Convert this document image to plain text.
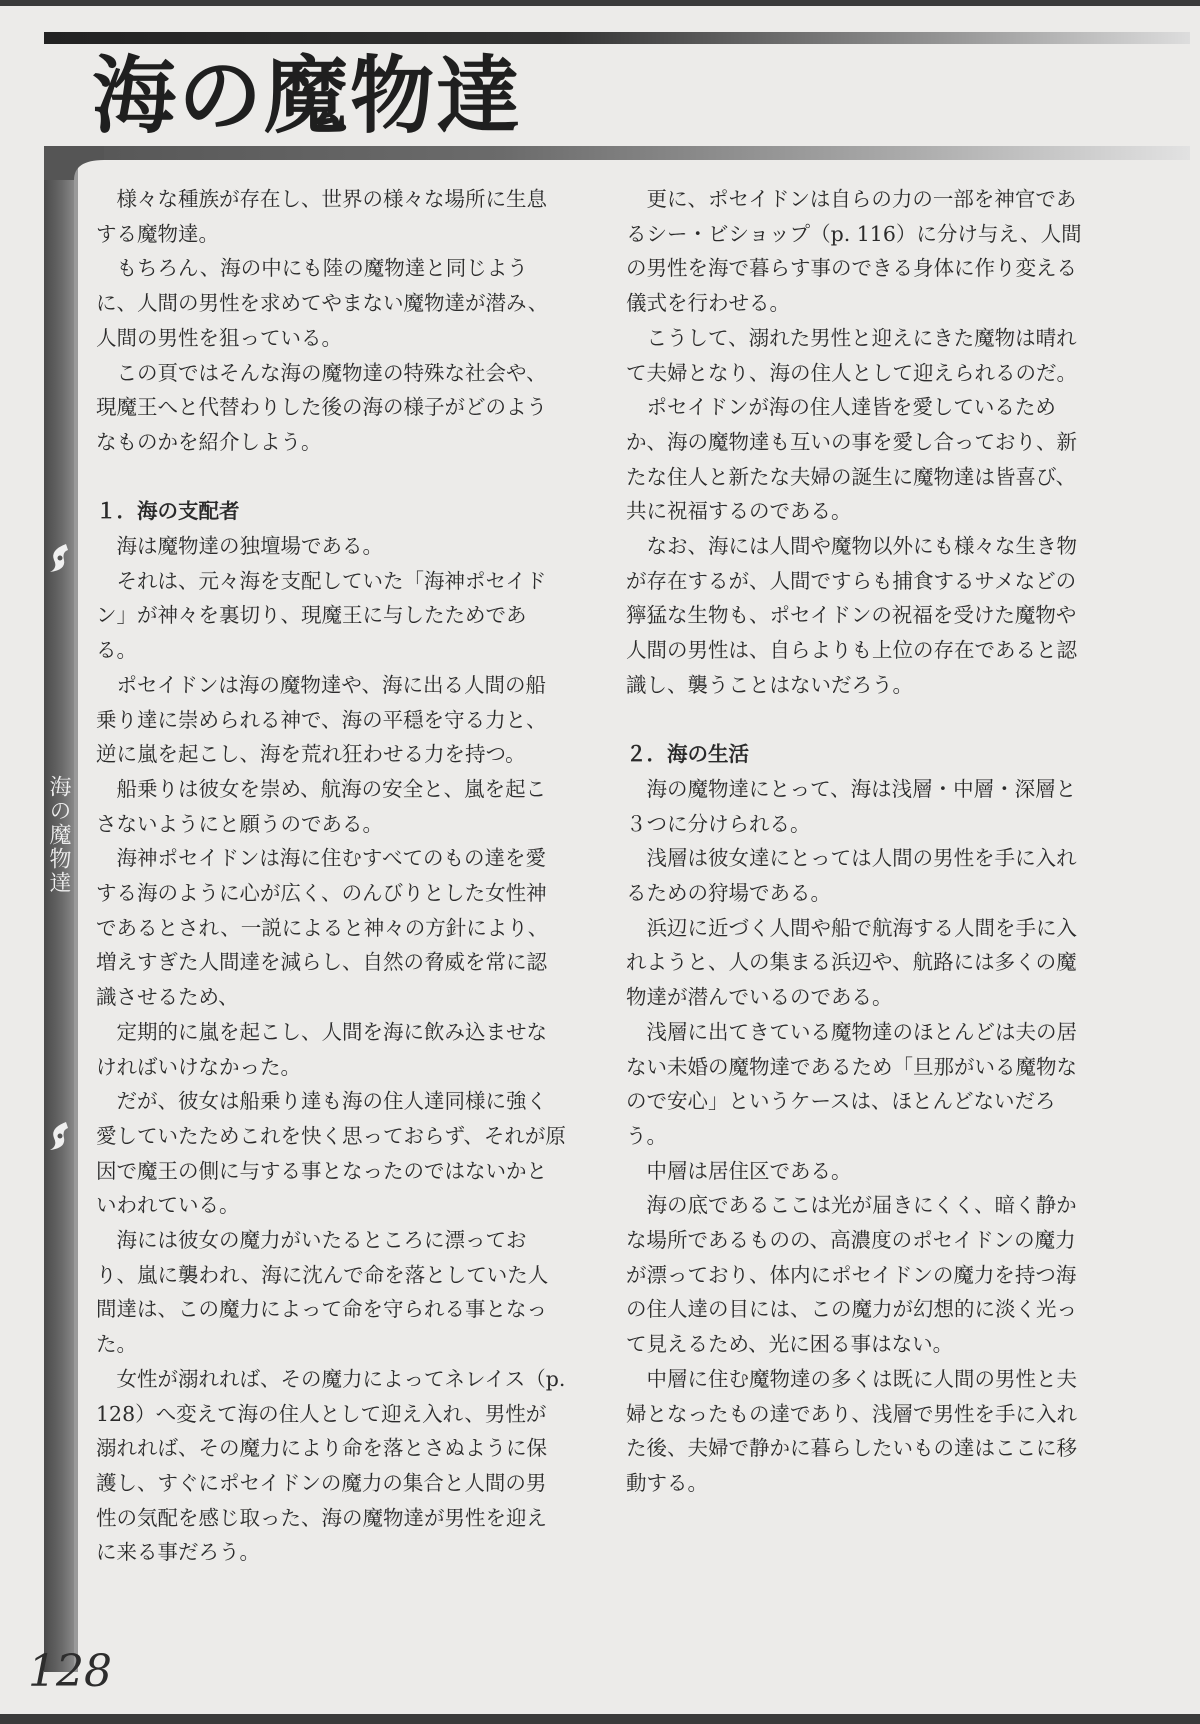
海の魔物達
海の魔物達

様々な種族が存在し、世界の様々な場所に生息する魔物達。

もちろん、海の中にも陸の魔物達と同じように、人間の男性を求めてやまない魔物達が潜み、人間の男性を狙っている。

この頁ではそんな海の魔物達の特殊な社会や、現魔王へと代替わりした後の海の様子がどのようなものかを紹介しよう。

１．海の支配者

海は魔物達の独壇場である。

それは、元々海を支配していた「海神ポセイドン」が神々を裏切り、現魔王に与したためである。

ポセイドンは海の魔物達や、海に出る人間の船乗り達に崇められる神で、海の平穏を守る力と、逆に嵐を起こし、海を荒れ狂わせる力を持つ。

船乗りは彼女を崇め、航海の安全と、嵐を起こさないようにと願うのである。

海神ポセイドンは海に住むすべてのもの達を愛する海のように心が広く、のんびりとした女性神であるとされ、一説によると神々の方針により、増えすぎた人間達を減らし、自然の脅威を常に認識させるため、

定期的に嵐を起こし、人間を海に飲み込ませなければいけなかった。

だが、彼女は船乗り達も海の住人達同様に強く愛していたためこれを快く思っておらず、それが原因で魔王の側に与する事となったのではないかといわれている。

海には彼女の魔力がいたるところに漂っており、嵐に襲われ、海に沈んで命を落としていた人間達は、この魔力によって命を守られる事となった。

女性が溺れれば、その魔力によってネレイス（p. 128）へ変えて海の住人として迎え入れ、男性が溺れれば、その魔力により命を落とさぬように保護し、すぐにポセイドンの魔力の集合と人間の男性の気配を感じ取った、海の魔物達が男性を迎えに来る事だろう。

更に、ポセイドンは自らの力の一部を神官であるシー・ビショップ（p. 116）に分け与え、人間の男性を海で暮らす事のできる身体に作り変える儀式を行わせる。

こうして、溺れた男性と迎えにきた魔物は晴れて夫婦となり、海の住人として迎えられるのだ。

ポセイドンが海の住人達皆を愛しているためか、海の魔物達も互いの事を愛し合っており、新たな住人と新たな夫婦の誕生に魔物達は皆喜び、共に祝福するのである。

なお、海には人間や魔物以外にも様々な生き物が存在するが、人間ですらも捕食するサメなどの獰猛な生物も、ポセイドンの祝福を受けた魔物や人間の男性は、自らよりも上位の存在であると認識し、襲うことはないだろう。

２．海の生活

海の魔物達にとって、海は浅層・中層・深層と３つに分けられる。

浅層は彼女達にとっては人間の男性を手に入れるための狩場である。

浜辺に近づく人間や船で航海する人間を手に入れようと、人の集まる浜辺や、航路には多くの魔物達が潜んでいるのである。

浅層に出てきている魔物達のほとんどは夫の居ない未婚の魔物達であるため「旦那がいる魔物なので安心」というケースは、ほとんどないだろう。

中層は居住区である。

海の底であるここは光が届きにくく、暗く静かな場所であるものの、高濃度のポセイドンの魔力が漂っており、体内にポセイドンの魔力を持つ海の住人達の目には、この魔力が幻想的に淡く光って見えるため、光に困る事はない。

中層に住む魔物達の多くは既に人間の男性と夫婦となったもの達であり、浅層で男性を手に入れた後、夫婦で静かに暮らしたいもの達はここに移動する。

128
